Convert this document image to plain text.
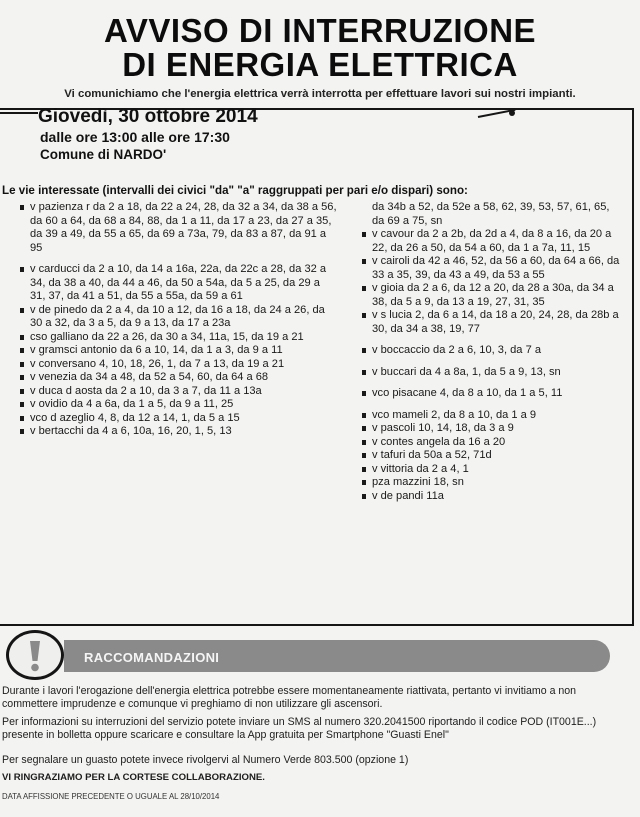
AVVISO DI INTERRUZIONE
DI ENERGIA ELETTRICA
Vi comunichiamo che l'energia elettrica verrà interrotta per effettuare lavori sui nostri impianti.
Giovedì, 30 ottobre 2014
dalle ore 13:00 alle ore 17:30
Comune di NARDO'
Le vie interessate (intervalli dei civici "da" "a" raggruppati per pari e/o dispari) sono:

v pazienza r da 2 a 18, da 22 a 24, 28, da 32 a 34, da 38 a 56, da 60 a 64, da 68 a 84, 88, da 1 a 11, da 17 a 23, da 27 a 35, da 39 a 49, da 55 a 65, da 69 a 73a, 79, da 83 a 87, da 91 a 95

v carducci da 2 a 10, da 14 a 16a, 22a, da 22c a 28, da 32 a 34, da 38 a 40, da 44 a 46, da 50 a 54a, da 5 a 25, da 29 a 31, 37, da 41 a 51, da 55 a 55a, da 59 a 61

v de pinedo da 2 a 4, da 10 a 12, da 16 a 18, da 24 a 26, da 30 a 32, da 3 a 5, da 9 a 13, da 17 a 23a

cso galliano da 22 a 26, da 30 a 34, 11a, 15, da 19 a 21

v gramsci antonio da 6 a 10, 14, da 1 a 3, da 9 a 11

v conversano 4, 10, 18, 26, 1, da 7 a 13, da 19 a 21

v venezia da 34 a 48, da 52 a 54, 60, da 64 a 68

v duca d aosta da 2 a 10, da 3 a 7, da 11 a 13a

v ovidio da 4 a 6a, da 1 a 5, da 9 a 11, 25

vco d azeglio 4, 8, da 12 a 14, 1, da 5 a 15

v bertacchi da 4 a 6, 10a, 16, 20, 1, 5, 13

da 34b a 52, da 52e a 58, 62, 39, 53, 57, 61, 65, da 69 a 75, sn

v cavour da 2 a 2b, da 2d a 4, da 8 a 16, da 20 a 22, da 26 a 50, da 54 a 60, da 1 a 7a, 11, 15

v cairoli da 42 a 46, 52, da 56 a 60, da 64 a 66, da 33 a 35, 39, da 43 a 49, da 53 a 55

v gioia da 2 a 6, da 12 a 20, da 28 a 30a, da 34 a 38, da 5 a 9, da 13 a 19, 27, 31, 35

v s lucia 2, da 6 a 14, da 18 a 20, 24, 28, da 28b a 30, da 34 a 38, 19, 77

v boccaccio da 2 a 6, 10, 3, da 7 a

v buccari da 4 a 8a, 1, da 5 a 9, 13, sn

vco pisacane 4, da 8 a 10, da 1 a 5, 11

vco mameli 2, da 8 a 10, da 1 a 9

v pascoli 10, 14, 18, da 3 a 9

v contes angela da 16 a 20

v tafuri da 50a a 52, 71d

v vittoria da 2 a 4, 1

pza mazzini 18, sn

v de pandi 11a

RACCOMANDAZIONI
Durante i lavori l'erogazione dell'energia elettrica potrebbe essere momentaneamente riattivata, pertanto vi invitiamo a non commettere imprudenze e comunque vi preghiamo di non utilizzare gli ascensori.
Per informazioni su interruzioni del servizio potete inviare un SMS al numero 320.2041500 riportando il codice POD (IT001E...) presente in bolletta oppure scaricare e consultare la App gratuita per Smartphone "Guasti Enel"
Per segnalare un guasto potete invece rivolgervi al Numero Verde 803.500 (opzione 1)
VI RINGRAZIAMO PER LA CORTESE COLLABORAZIONE.
DATA AFFISSIONE PRECEDENTE O UGUALE AL 28/10/2014
